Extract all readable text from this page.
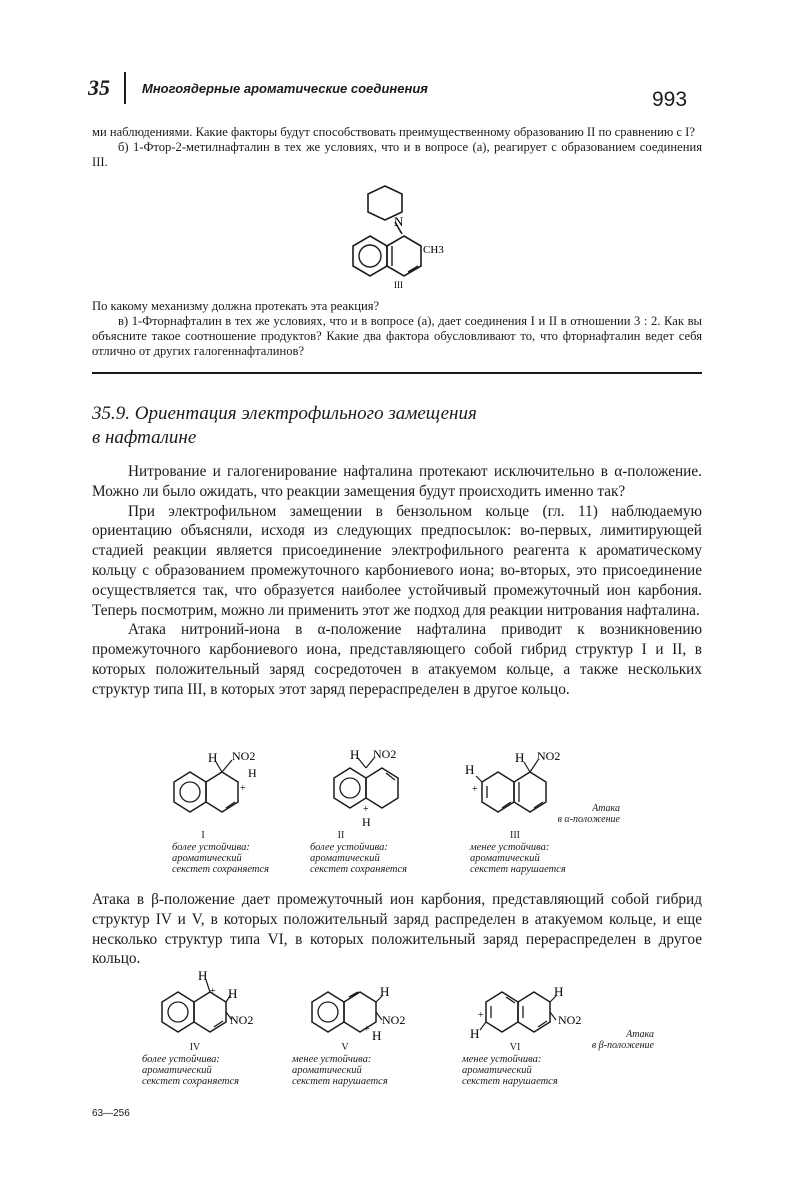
35 Многоядерные ароматические соединения	993

ми наблюдениями. Какие факторы будут способствовать преимущественному образованию II по сравнению с I?

б) 1-Фтор-2-метилнафталин в тех же условиях, что и в вопросе (а), реагирует с образованием соединения III.

N
CH3
III

По какому механизму должна протекать эта реакция?

в) 1-Фторнафталин в тех же условиях, что и в вопросе (а), дает соединения I и II в отношении 3 : 2. Как вы объясните такое соотношение продуктов? Какие два фактора обусловливают то, что фторнафталин ведет себя отлично от других галогеннафталинов?

35.9. Ориентация электрофильного замещения
в нафталине

Нитрование и галогенирование нафталина протекают исключительно в α-положение. Можно ли было ожидать, что реакции замещения будут происходить именно так?

При электрофильном замещении в бензольном кольце (гл. 11) наблюдаемую ориентацию объясняли, исходя из следующих предпосылок: во-первых, лимитирующей стадией реакции является присоединение электрофильного реагента к ароматическому кольцу с образованием промежуточного карбониевого иона; во-вторых, это присоединение осуществляется так, что образуется наиболее устойчивый промежуточный ион карбония. Теперь посмотрим, можно ли применить этот же подход для реакции нитрования нафталина.

Атака нитроний-иона в α-положение нафталина приводит к возникновению промежуточного карбониевого иона, представляющего собой гибрид структур I и II, в которых положительный заряд сосредоточен в атакуемом кольце, а также нескольких структур типа III, в которых этот заряд перераспределен в другое кольцо.

H NO2
H
+
H NO2
+
H
H
+
H NO2
Атака
в α-положение
I
более устойчива:
ароматический
секстет сохраняется
II
более устойчива:
ароматический
секстет сохраняется
III
менее устойчива:
ароматический
секстет нарушается

Атака в β-положение дает промежуточный ион карбония, представляющий собой гибрид структур IV и V, в которых положительный заряд распределен в атакуемом кольце, и еще несколько структур типа VI, в которых положительный заряд перераспределен в другое кольцо.

H
+ H
NO2
H
NO2
+ H	H
+
H
NO2
Атака
в β-положение
IV
более устойчива:
ароматический
секстет сохраняется
V
менее устойчива:
ароматический
секстет нарушается
VI
менее устойчива:
ароматический
секстет нарушается
63—256
